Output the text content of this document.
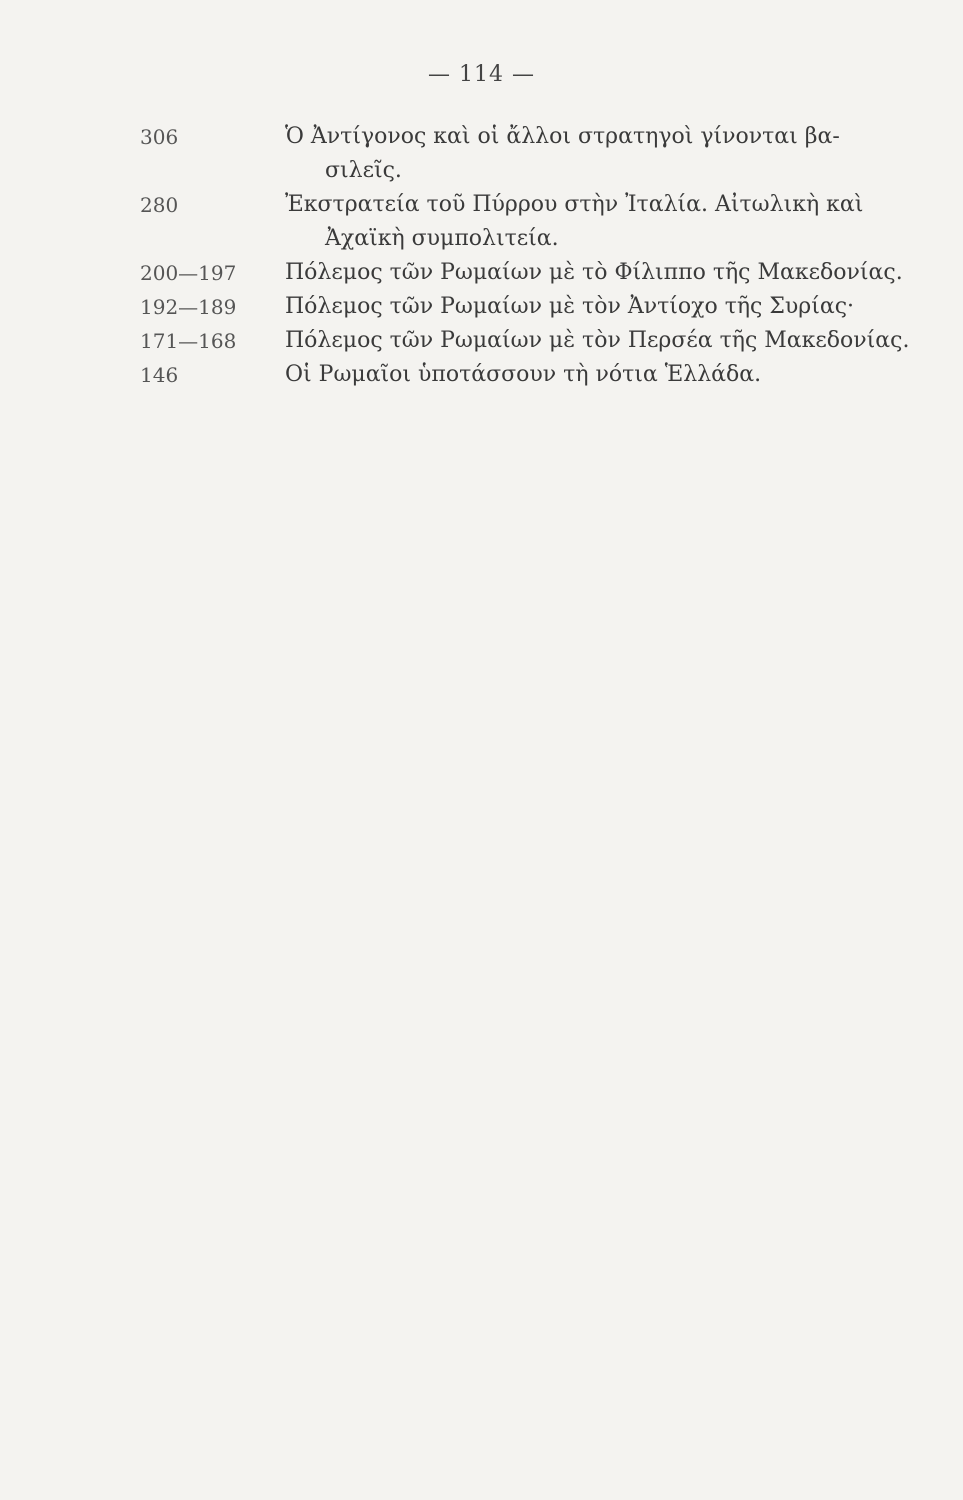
— 114 —
306	Ὁ Ἀντίγονος καὶ οἱ ἄλλοι στρατηγοὶ γίνονται βα-
σιλεῖς.
280	Ἐκστρατεία τοῦ Πύρρου στὴν Ἰταλία. Αἰτωλικὴ καὶ
Ἀχαϊκὴ συμπολιτεία.
200—197	Πόλεμος τῶν Ρωμαίων μὲ τὸ Φίλιππο τῆς Μακεδονίας.
192—189	Πόλεμος τῶν Ρωμαίων μὲ τὸν Ἀντίοχο τῆς Συρίας·
171—168	Πόλεμος τῶν Ρωμαίων μὲ τὸν Περσέα τῆς Μακεδονίας.
146	Οἱ Ρωμαῖοι ὑποτάσσουν τὴ νότια Ἑλλάδα.
